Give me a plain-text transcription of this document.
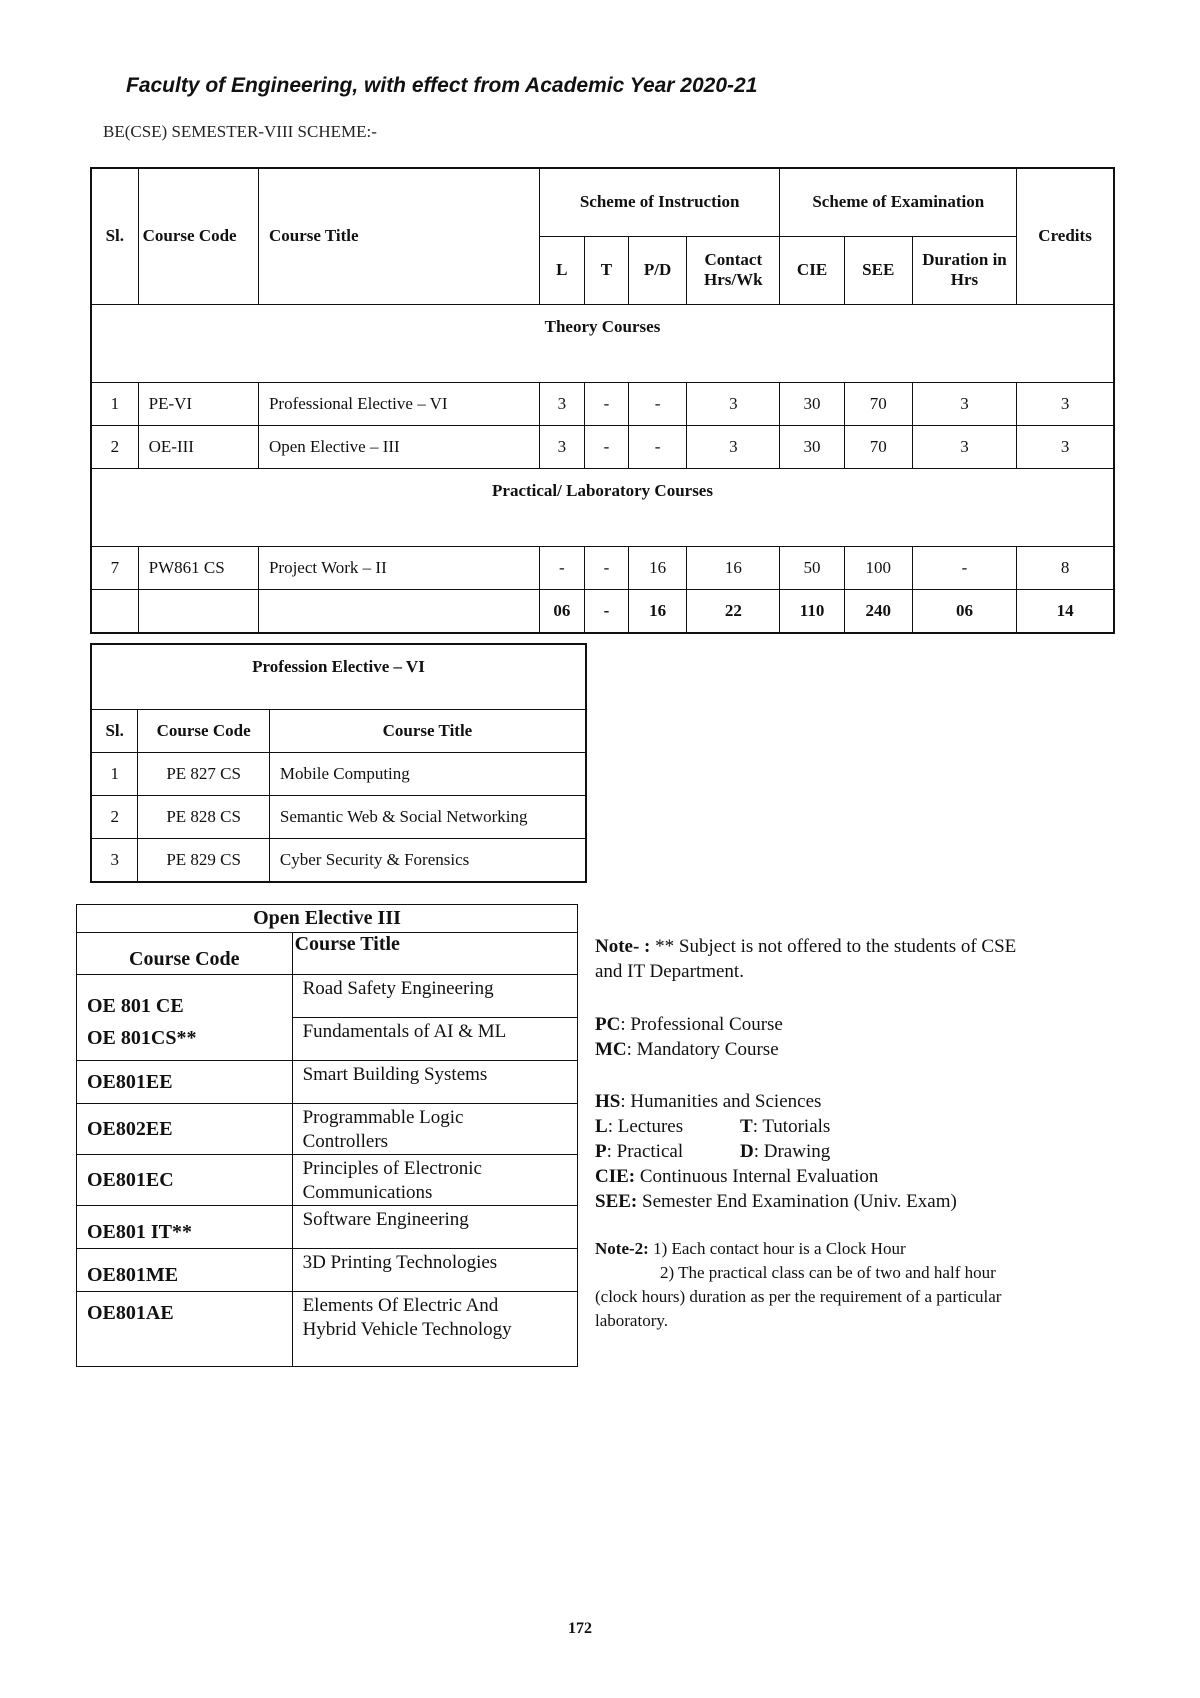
Faculty of Engineering, with effect from Academic Year 2020-21
BE(CSE) SEMESTER-VIII SCHEME:-
Sl.	Course Code	Course Title	Scheme of Instruction				Scheme of Examination			Credits
			L	T	P/D	Contact Hrs/Wk	CIE	SEE	Duration in Hrs	
Theory Courses										
1	PE-VI	Professional Elective – VI	3	-	-	3	30	70	3	3
2	OE-III	Open Elective – III	3	-	-	3	30	70	3	3
Practical/ Laboratory Courses										
7	PW861 CS	Project Work – II	-	-	16	16	50	100	-	8
			06	-	16	22	110	240	06	14
Profession Elective – VI		
Sl.	Course Code	Course Title
1	PE 827 CS	Mobile Computing
2	PE 828 CS	Semantic Web & Social Networking
3	PE 829 CS	Cyber Security & Forensics
Open Elective III	
Course Code	Course Title
OE 801 CE	Road Safety Engineering
OE 801CS**	Fundamentals of AI & ML
OE801EE	Smart Building Systems
OE802EE	Programmable Logic
Controllers

OE801EC	Principles of Electronic
Communications

OE801 IT**	Software Engineering
OE801ME	3D Printing Technologies
OE801AE	Elements Of Electric And
Hybrid Vehicle Technology
Note- : ** Subject is not offered to the students of CSE
and IT Department.
PC: Professional Course
MC: Mandatory Course
HS: Humanities and Sciences
L: Lectures	T: Tutorials
P: Practical	D: Drawing
CIE: Continuous Internal Evaluation
SEE: Semester End Examination (Univ. Exam)
Note-2: 1) Each contact hour is a Clock Hour
2) The practical class can be of two and half hour
(clock hours) duration as per the requirement of a particular
laboratory.
172
